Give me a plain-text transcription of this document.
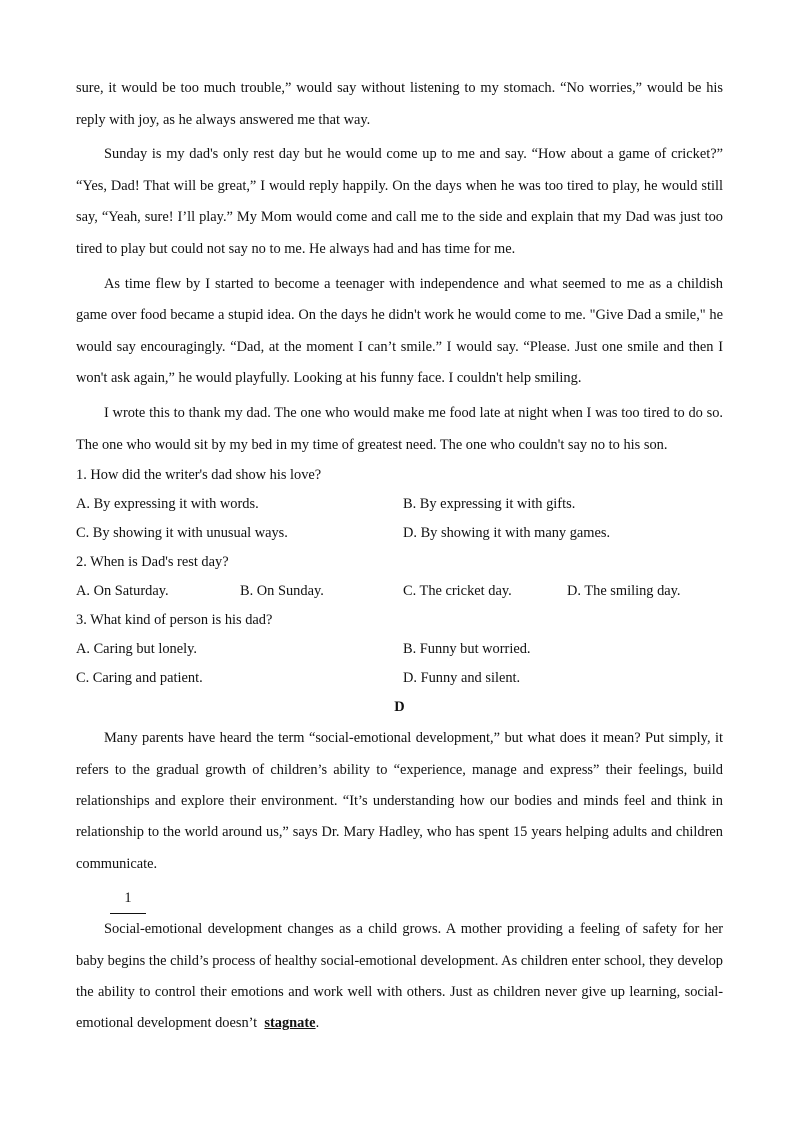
sure, it would be too much trouble,” would say without listening to my stomach. “No worries,” would be his reply with joy, as he always answered me that way.

Sunday is my dad's only rest day but he would come up to me and say. “How about a game of cricket?” “Yes, Dad! That will be great,” I would reply happily. On the days when he was too tired to play, he would still say, “Yeah, sure! I’ll play.” My Mom would come and call me to the side and explain that my Dad was just too tired to play but could not say no to me. He always had and has time for me.

As time flew by I started to become a teenager with independence and what seemed to me as a childish game over food became a stupid idea. On the days he didn't work he would come to me. "Give Dad a smile," he would say encouragingly. “Dad, at the moment I can’t smile.” I would say. “Please. Just one smile and then I won't ask again,” he would playfully. Looking at his funny face. I couldn't help smiling.

I wrote this to thank my dad. The one who would make me food late at night when I was too tired to do so. The one who would sit by my bed in my time of greatest need. The one who couldn't say no to his son.

1. How did the writer's dad show his love?

A. By expressing it with words.	B. By expressing it with gifts.
C. By showing it with unusual ways.	D. By showing it with many games.

2. When is Dad's rest day?

A. On Saturday.	B. On Sunday.	C. The cricket day.	D. The smiling day.

3. What kind of person is his dad?

A. Caring but lonely.	B. Funny but worried.
C. Caring and patient.	D. Funny and silent.

D

Many parents have heard the term “social-emotional development,” but what does it mean? Put simply, it refers to the gradual growth of children’s ability to “experience, manage and express” their feelings, build relationships and explore their environment. “It’s understanding how our bodies and minds feel and think in relationship to the world around us,” says Dr. Mary Hadley, who has spent 15 years helping adults and children communicate.

1

Social-emotional development changes as a child grows. A mother providing a feeling of safety for her baby begins the child’s process of healthy social-emotional development. As children enter school, they develop the ability to control their emotions and work well with others. Just as children never give up learning, social-emotional development doesn’t stagnate.
